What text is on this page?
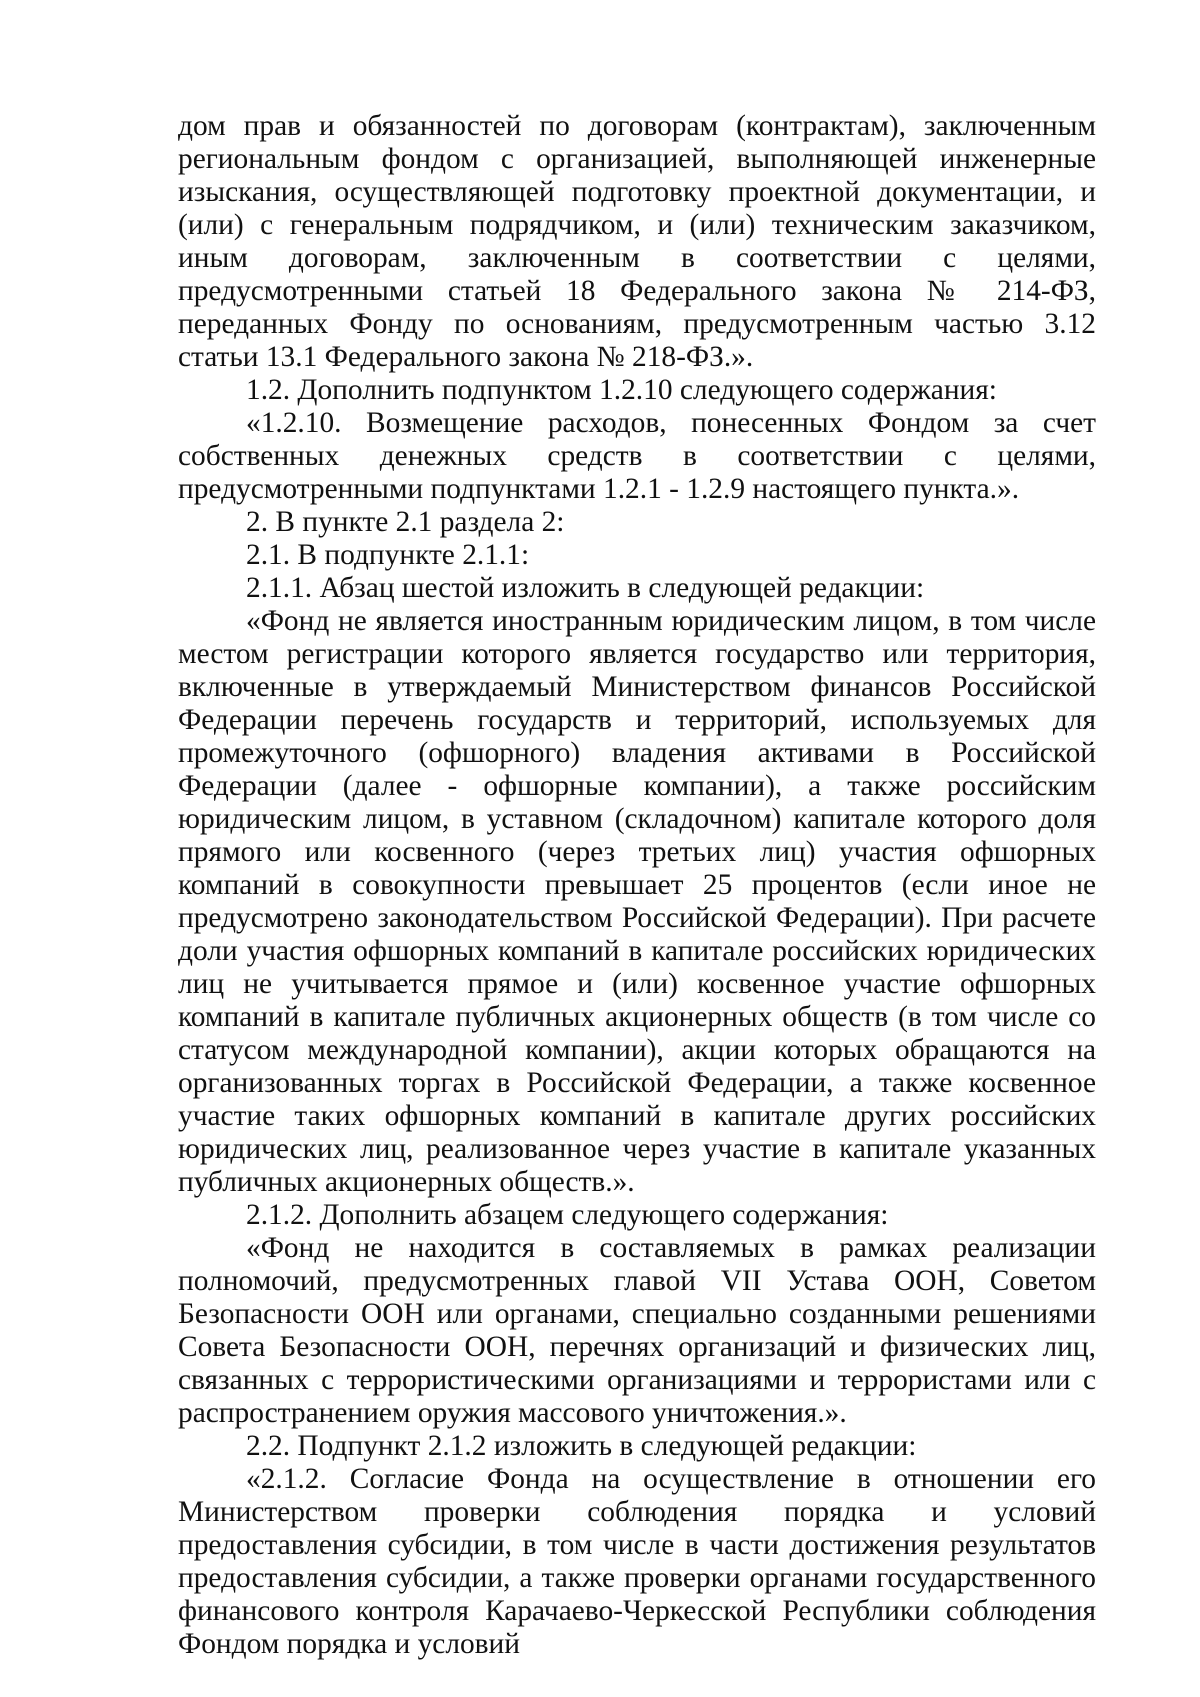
дом прав и обязанностей по договорам (контрактам), заключенным региональным фондом с организацией, выполняющей инженерные изыскания, осуществляющей подготовку проектной документации, и (или) с генеральным подрядчиком, и (или) техническим заказчиком, иным договорам, заключенным в соответствии с целями, предусмотренными статьей 18 Федерального закона № 214-ФЗ, переданных Фонду по основаниям, предусмотренным частью 3.12 статьи 13.1 Федерального закона № 218-ФЗ.».

1.2. Дополнить подпунктом 1.2.10 следующего содержания:

«1.2.10. Возмещение расходов, понесенных Фондом за счет собственных денежных средств в соответствии с целями, предусмотренными подпунктами 1.2.1 - 1.2.9 настоящего пункта.».

2. В пункте 2.1 раздела 2:

2.1. В подпункте 2.1.1:

2.1.1. Абзац шестой изложить в следующей редакции:

«Фонд не является иностранным юридическим лицом, в том числе местом регистрации которого является государство или территория, включенные в утверждаемый Министерством финансов Российской Федерации перечень государств и территорий, используемых для промежуточного (офшорного) владения активами в Российской Федерации (далее - офшорные компании), а также российским юридическим лицом, в уставном (складочном) капитале которого доля прямого или косвенного (через третьих лиц) участия офшорных компаний в совокупности превышает 25 процентов (если иное не предусмотрено законодательством Российской Федерации). При расчете доли участия офшорных компаний в капитале российских юридических лиц не учитывается прямое и (или) косвенное участие офшорных компаний в капитале публичных акционерных обществ (в том числе со статусом международной компании), акции которых обращаются на организованных торгах в Российской Федерации, а также косвенное участие таких офшорных компаний в капитале других российских юридических лиц, реализованное через участие в капитале указанных публичных акционерных обществ.».

2.1.2. Дополнить абзацем следующего содержания:

«Фонд не находится в составляемых в рамках реализации полномочий, предусмотренных главой VII Устава ООН, Советом Безопасности ООН или органами, специально созданными решениями Совета Безопасности ООН, перечнях организаций и физических лиц, связанных с террористическими организациями и террористами или с распространением оружия массового уничтожения.».

2.2. Подпункт 2.1.2 изложить в следующей редакции:

«2.1.2. Согласие Фонда на осуществление в отношении его Министерством проверки соблюдения порядка и условий предоставления субсидии, в том числе в части достижения результатов предоставления субсидии, а также проверки органами государственного финансового контроля Карачаево-Черкесской Республики соблюдения Фондом порядка и условий
